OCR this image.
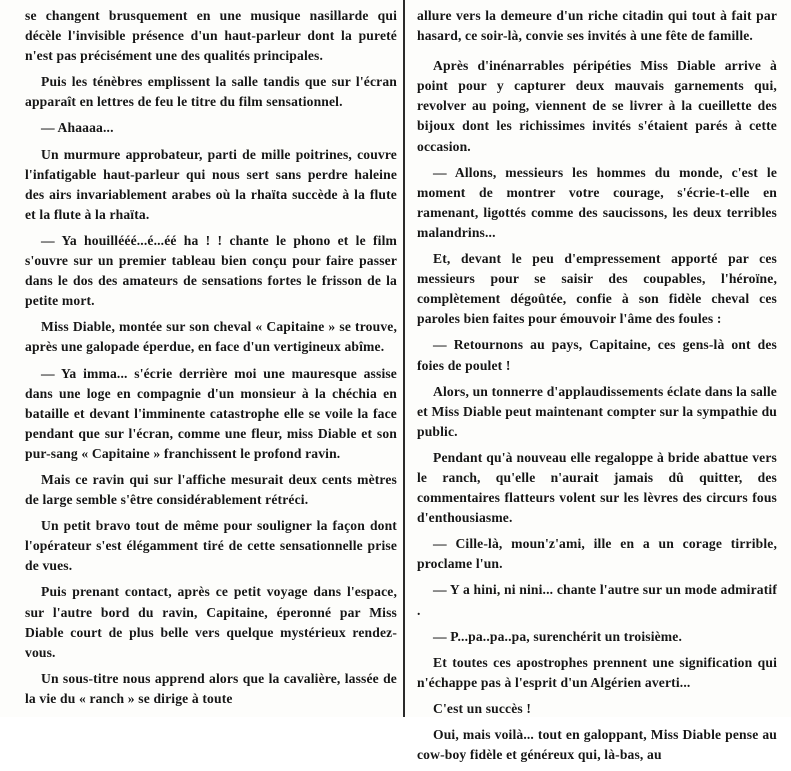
se changent brusquement en une musique nasillarde qui décèle l'invisible présence d'un haut-parleur dont la pureté n'est pas précisément une des qualités principales.

Puis les ténèbres emplissent la salle tandis que sur l'écran apparaît en lettres de feu le titre du film sensationnel.

— Ahaaaa...

Un murmure approbateur, parti de mille poitrines, couvre l'infatigable haut-parleur qui nous sert sans perdre haleine des airs invariablement arabes où la rhaïta succède à la flute et la flute à la rhaïta.

— Ya houillééé...é...éé ha ! ! chante le phono et le film s'ouvre sur un premier tableau bien conçu pour faire passer dans le dos des amateurs de sensations fortes le frisson de la petite mort.

Miss Diable, montée sur son cheval « Capitaine » se trouve, après une galopade éperdue, en face d'un vertigineux abîme.

— Ya imma... s'écrie derrière moi une mauresque assise dans une loge en compagnie d'un monsieur à la chéchia en bataille et devant l'imminente catastrophe elle se voile la face pendant que sur l'écran, comme une fleur, miss Diable et son pur-sang « Capitaine » franchissent le profond ravin.

Mais ce ravin qui sur l'affiche mesurait deux cents mètres de large semble s'être considérablement rétréci.

Un petit bravo tout de même pour souligner la façon dont l'opérateur s'est élégamment tiré de cette sensationnelle prise de vues.

Puis prenant contact, après ce petit voyage dans l'espace, sur l'autre bord du ravin, Capitaine, éperonné par Miss Diable court de plus belle vers quelque mystérieux rendez-vous.

Un sous-titre nous apprend alors que la cavalière, lassée de la vie du « ranch » se dirige à toute

allure vers la demeure d'un riche citadin qui tout à fait par hasard, ce soir-là, convie ses invités à une fête de famille.

Après d'inénarrables péripéties Miss Diable arrive à point pour y capturer deux mauvais garnements qui, revolver au poing, viennent de se livrer à la cueillette des bijoux dont les richissimes invités s'étaient parés à cette occasion.

— Allons, messieurs les hommes du monde, c'est le moment de montrer votre courage, s'écrie-t-elle en ramenant, ligottés comme des saucissons, les deux terribles malandrins...

Et, devant le peu d'empressement apporté par ces messieurs pour se saisir des coupables, l'héroïne, complètement dégoûtée, confie à son fidèle cheval ces paroles bien faites pour émouvoir l'âme des foules :

— Retournons au pays, Capitaine, ces gens-là ont des foies de poulet !

Alors, un tonnerre d'applaudissements éclate dans la salle et Miss Diable peut maintenant compter sur la sympathie du public.

Pendant qu'à nouveau elle regaloppe à bride abattue vers le ranch, qu'elle n'aurait jamais dû quitter, des commentaires flatteurs volent sur les lèvres des circurs fous d'enthousiasme.

— Cille-là, moun'z'ami, ille en a un corage tirrible, proclame l'un.

— Y a hini, ni nini... chante l'autre sur un mode admiratif .

— P...pa..pa..pa, surenchérit un troisième.

Et toutes ces apostrophes prennent une signification qui n'échappe pas à l'esprit d'un Algérien averti...

C'est un succès !

Oui, mais voilà... tout en galoppant, Miss Diable pense au cow-boy fidèle et généreux qui, là-bas, au
